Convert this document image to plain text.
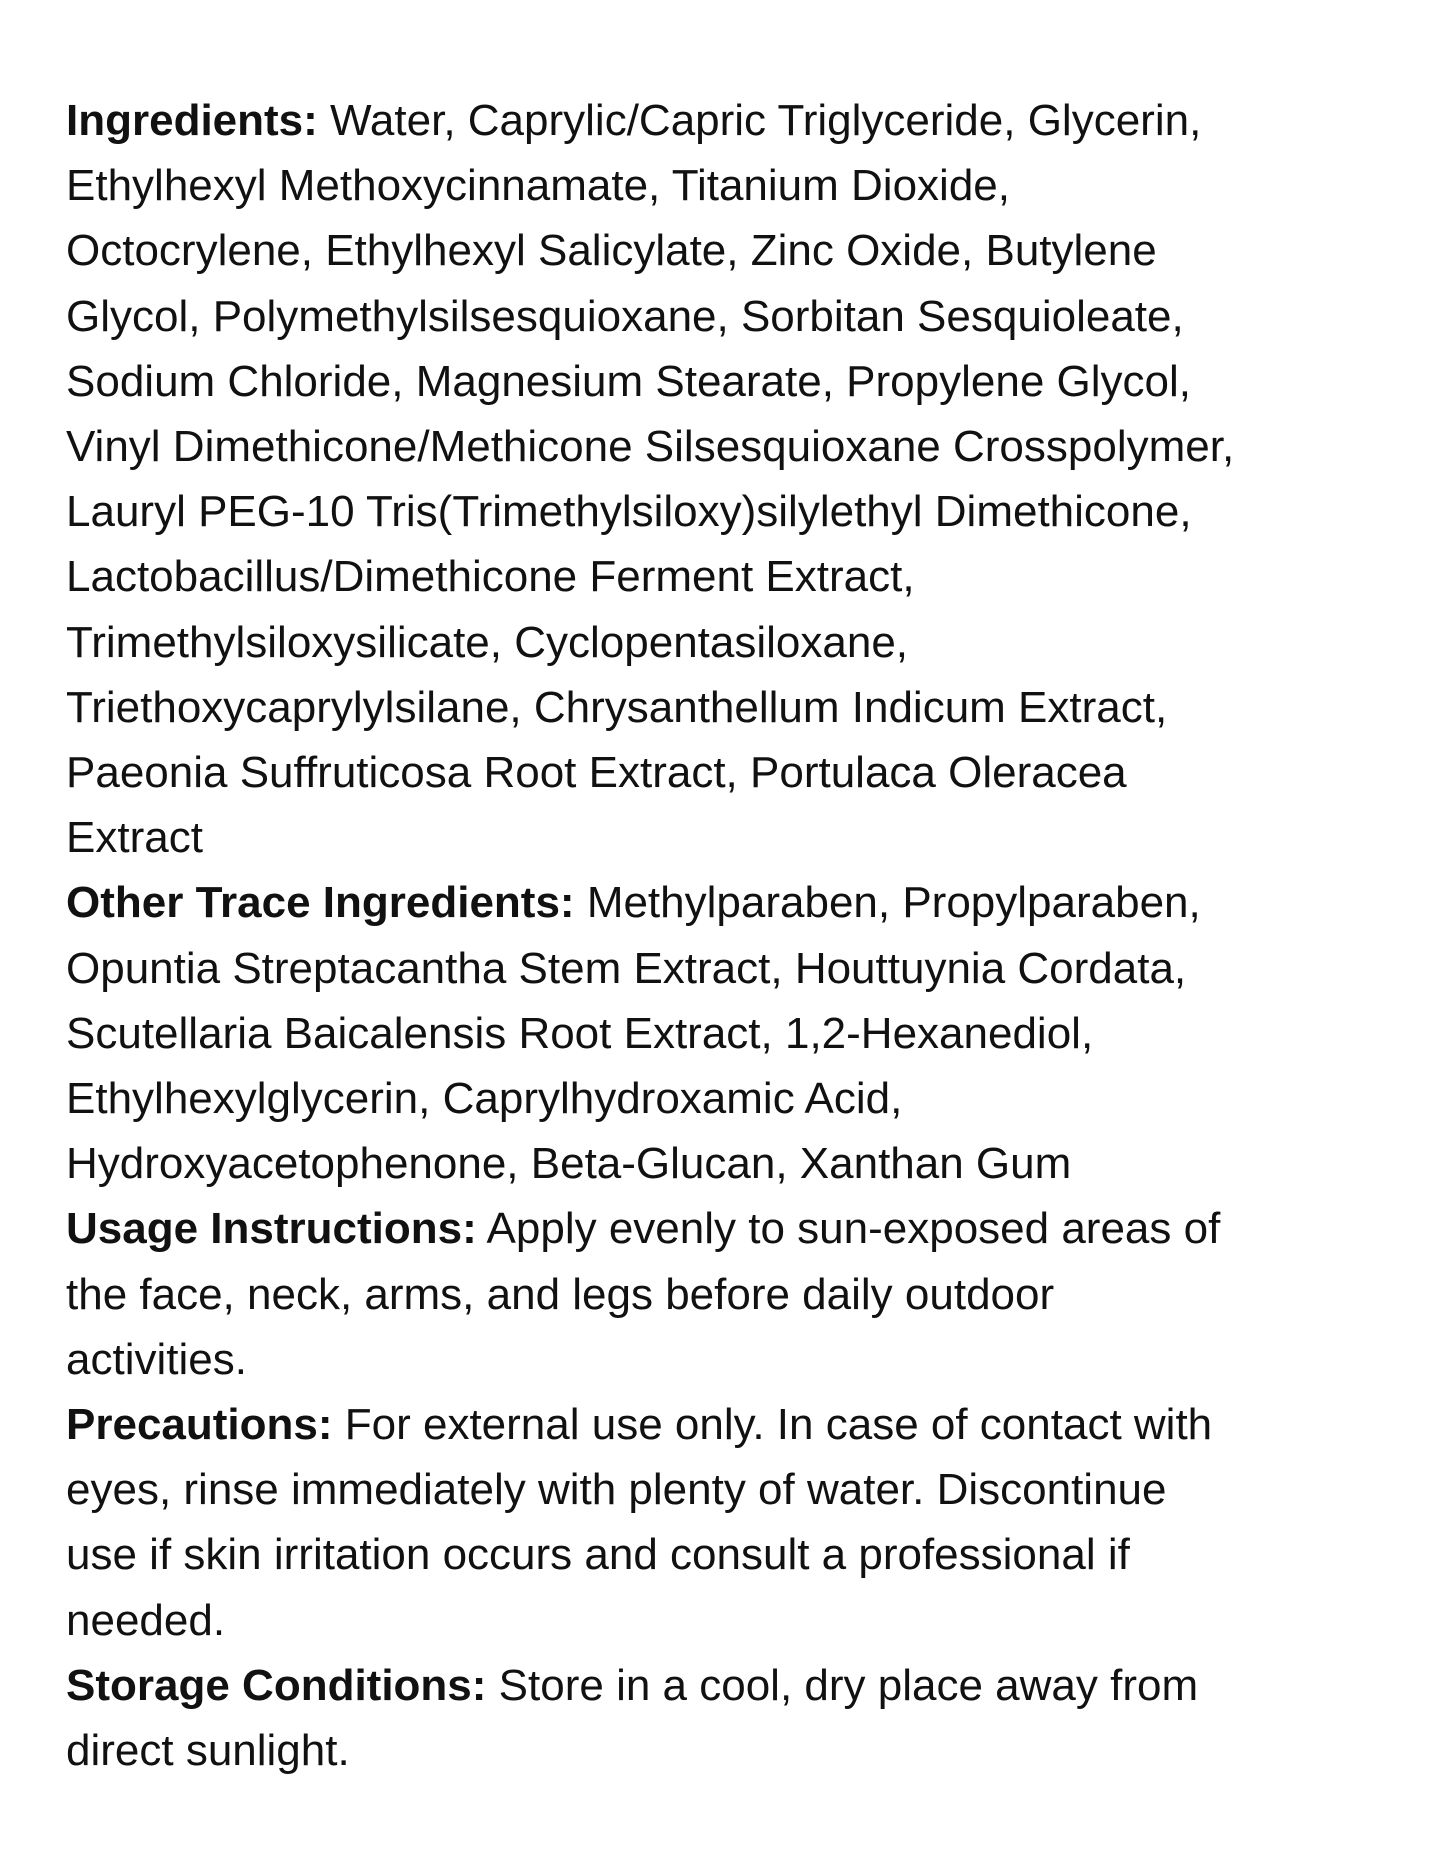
Ingredients: Water, Caprylic/Capric Triglyceride, Glycerin,
Ethylhexyl Methoxycinnamate, Titanium Dioxide,
Octocrylene, Ethylhexyl Salicylate, Zinc Oxide, Butylene
Glycol, Polymethylsilsesquioxane, Sorbitan Sesquioleate,
Sodium Chloride, Magnesium Stearate, Propylene Glycol,
Vinyl Dimethicone/Methicone Silsesquioxane Crosspolymer,
Lauryl PEG-10 Tris(Trimethylsiloxy)silylethyl Dimethicone,
Lactobacillus/Dimethicone Ferment Extract,
Trimethylsiloxysilicate, Cyclopentasiloxane,
Triethoxycaprylylsilane, Chrysanthellum Indicum Extract,
Paeonia Suffruticosa Root Extract, Portulaca Oleracea
Extract
Other Trace Ingredients: Methylparaben, Propylparaben,
Opuntia Streptacantha Stem Extract, Houttuynia Cordata,
Scutellaria Baicalensis Root Extract, 1,2-Hexanediol,
Ethylhexylglycerin, Caprylhydroxamic Acid,
Hydroxyacetophenone, Beta-Glucan, Xanthan Gum
Usage Instructions: Apply evenly to sun-exposed areas of
the face, neck, arms, and legs before daily outdoor
activities.
Precautions: For external use only. In case of contact with
eyes, rinse immediately with plenty of water. Discontinue
use if skin irritation occurs and consult a professional if
needed.
Storage Conditions: Store in a cool, dry place away from
direct sunlight.
